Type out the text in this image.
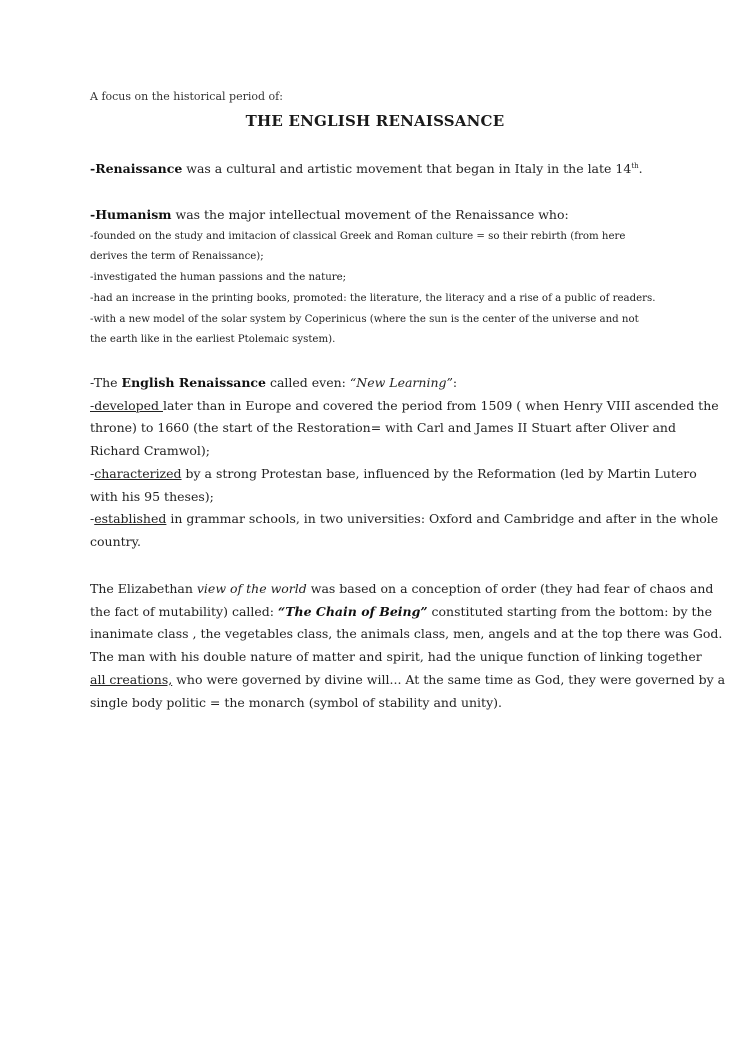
A focus on the historical period of:
THE ENGLISH RENAISSANCE
-Renaissance was a cultural and artistic movement that began in Italy in the late 14th.
-Humanism was the major intellectual movement of the Renaissance who:
-founded on the study and imitacion of classical Greek and Roman culture = so their rebirth (from here
derives the term of Renaissance);
-investigated the human passions and the nature;
-had an increase in the printing books, promoted: the literature, the literacy and a rise of a public of readers.
-with a new model of the solar system by Coperinicus (where the sun is the center of the universe and not
the earth like in the earliest Ptolemaic system).
-The English Renaissance called even: “New Learning”:
-developed later than in Europe and covered the period from 1509 ( when Henry VIII ascended the
throne) to 1660 (the start of the Restoration= with Carl and James II Stuart after Oliver and
Richard Cramwol);
-characterized by a strong Protestan base, influenced by the Reformation (led by Martin Lutero
with his 95 theses);
-established in grammar schools, in two universities: Oxford and Cambridge and after in the whole
country.
The Elizabethan view of the world was based on a conception of order (they had fear of chaos and
the fact of mutability) called: “The Chain of Being” constituted starting from the bottom: by the
inanimate class , the vegetables class, the animals class, men, angels and at the top there was God.
The man with his double nature of matter and spirit, had the unique function of linking together
all creations, who were governed by divine will... At the same time as God, they were governed by a
single body politic = the monarch (symbol of stability and unity).
